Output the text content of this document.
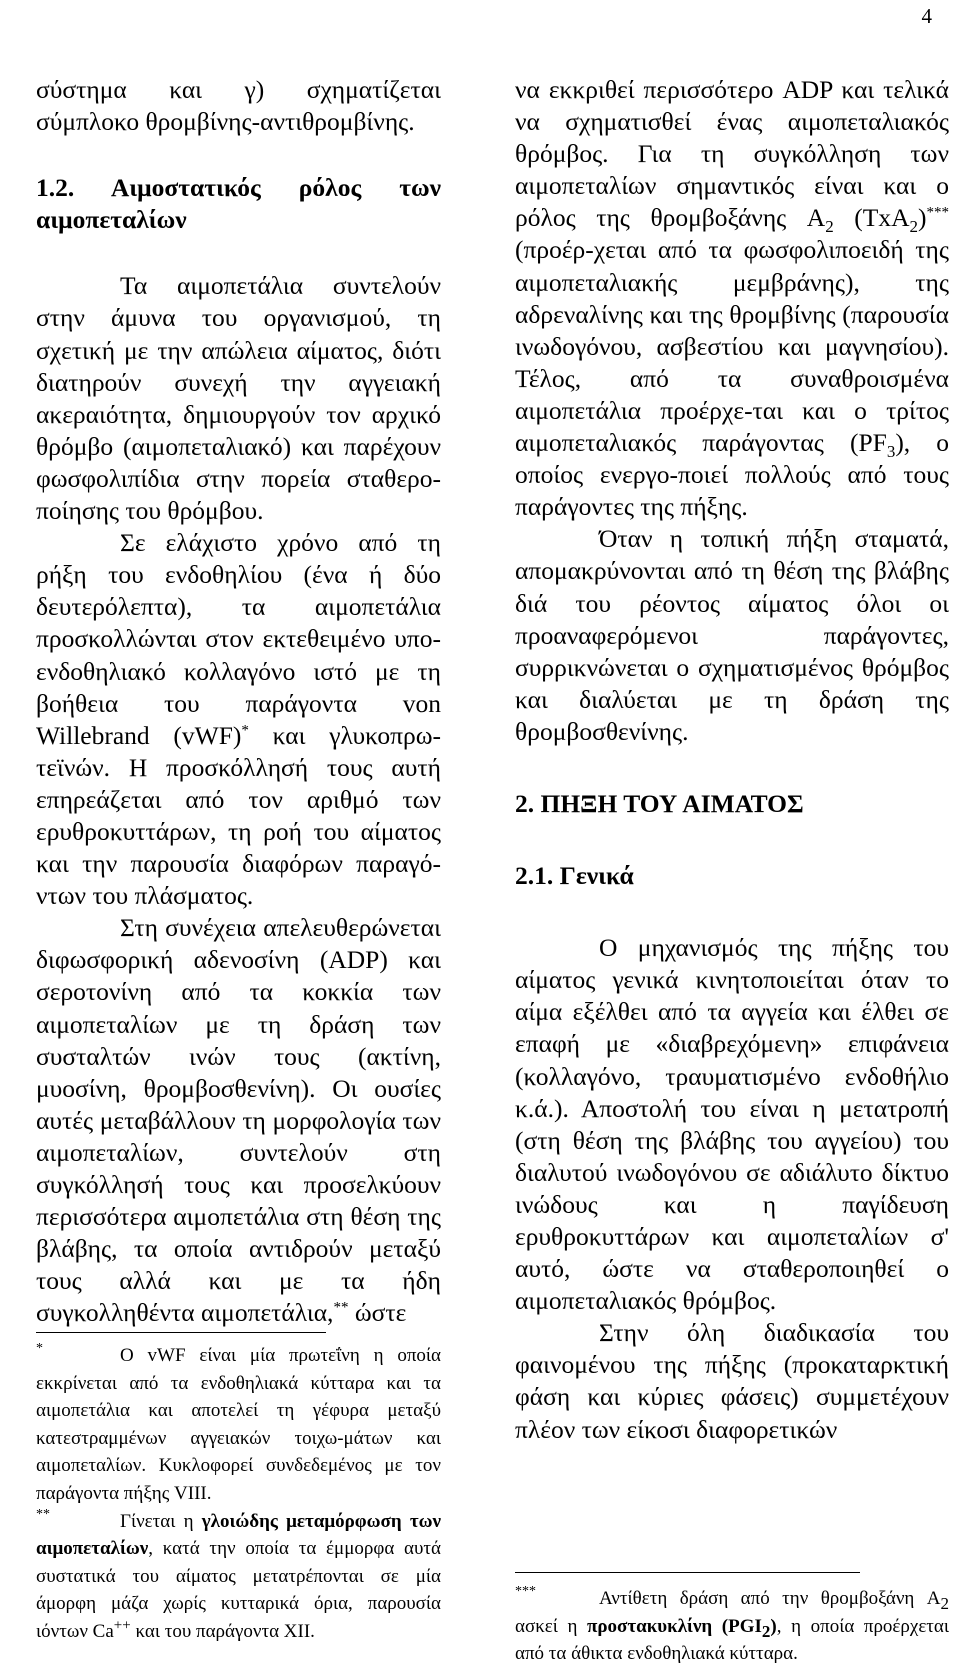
4

σύστημα και γ) σχηματίζεται σύμπλοκο θρομβίνης-αντιθρομβίνης.

1.2. Αιμοστατικός ρόλος των αιμοπεταλίων

Τα αιμοπετάλια συντελούν στην άμυνα του οργανισμού, τη σχετική με την απώλεια αίματος, διότι διατηρούν συνεχή την αγγειακή ακεραιότητα, δημιουργούν τον αρχικό θρόμβο (αιμοπεταλιακό) και παρέχουν φωσφολιπίδια στην πορεία σταθερο-ποίησης του θρόμβου.

Σε ελάχιστο χρόνο από τη ρήξη του ενδοθηλίου (ένα ή δύο δευτερόλεπτα), τα αιμοπετάλια προσκολλώνται στον εκτεθειμένο υπο-ενδοθηλιακό κολλαγόνο ιστό με τη βοήθεια του παράγοντα von Willebrand (vWF)* και γλυκοπρω-τεϊνών. Η προσκόλλησή τους αυτή επηρεάζεται από τον αριθμό των ερυθροκυττάρων, τη ροή του αίματος και την παρουσία διαφόρων παραγό-ντων του πλάσματος.

Στη συνέχεια απελευθερώνεται διφωσφορική αδενοσίνη (ADP) και σεροτονίνη από τα κοκκία των αιμοπεταλίων με τη δράση των συσταλτών ινών τους (ακτίνη, μυοσίνη, θρομβοσθενίνη). Οι ουσίες αυτές μεταβάλλουν τη μορφολογία των αιμοπεταλίων, συντελούν στη συγκόλλησή τους και προσελκύουν περισσότερα αιμοπετάλια στη θέση της βλάβης, τα οποία αντιδρούν μεταξύ τους αλλά και με τα ήδη συγκολληθέντα αιμοπετάλια,** ώστε

*	Ο vWF είναι μία πρωτεΐνη η οποία εκκρίνεται από τα ενδοθηλιακά κύτταρα και τα αιμοπετάλια και αποτελεί τη γέφυρα μεταξύ κατεστραμμένων αγγειακών τοιχω-μάτων και αιμοπεταλίων. Κυκλοφορεί συνδεδεμένος με τον παράγοντα πήξης VIII.

**	Γίνεται η γλοιώδης μεταμόρφωση των αιμοπεταλίων, κατά την οποία τα έμμορφα αυτά συστατικά του αίματος μετατρέπονται σε μία άμορφη μάζα χωρίς κυτταρικά όρια, παρουσία ιόντων Ca++ και του παράγοντα XII.

να εκκριθεί περισσότερο ADP και τελικά να σχηματισθεί ένας αιμοπεταλιακός θρόμβος. Για τη συγκόλληση των αιμοπεταλίων σημαντικός είναι και ο ρόλος της θρομβοξάνης $A_2$ (TxA$_2$)*** (προέρ-χεται από τα φωσφολιποειδή της αιμοπεταλιακής μεμβράνης), της αδρεναλίνης και της θρομβίνης (παρουσία ινωδογόνου, ασβεστίου και μαγνησίου). Τέλος, από τα συναθροισμένα αιμοπετάλια προέρχε-ται και ο τρίτος αιμοπεταλιακός παράγοντας $(PF_3)$, ο οποίος ενεργο-ποιεί πολλούς από τους παράγοντες της πήξης.

Όταν η τοπική πήξη σταματά, απομακρύνονται από τη θέση της βλάβης διά του ρέοντος αίματος όλοι οι προαναφερόμενοι παράγοντες, συρρικνώνεται ο σχηματισμένος θρόμβος και διαλύεται με τη δράση της θρομβοσθενίνης.

2. ΠΗΞΗ ΤΟΥ ΑΙΜΑΤΟΣ

2.1. Γενικά

Ο μηχανισμός της πήξης του αίματος γενικά κινητοποιείται όταν το αίμα εξέλθει από τα αγγεία και έλθει σε επαφή με «διαβρεχόμενη» επιφάνεια (κολλαγόνο, τραυματισμένο ενδοθήλιο κ.ά.). Αποστολή του είναι η μετατροπή (στη θέση της βλάβης του αγγείου) του διαλυτού ινωδογόνου σε αδιάλυτο δίκτυο ινώδους και η παγίδευση ερυθροκυττάρων και αιμοπεταλίων σ' αυτό, ώστε να σταθεροποιηθεί ο αιμοπεταλιακός θρόμβος.

Στην όλη διαδικασία του φαινομένου της πήξης (προκαταρκτική φάση και κύριες φάσεις) συμμετέχουν πλέον των είκοσι διαφορετικών

***	Αντίθετη δράση από την θρομβοξάνη $A_2$ ασκεί η προστακυκλίνη $(PGI_2)$, η οποία προέρχεται από τα άθικτα ενδοθηλιακά κύτταρα.
